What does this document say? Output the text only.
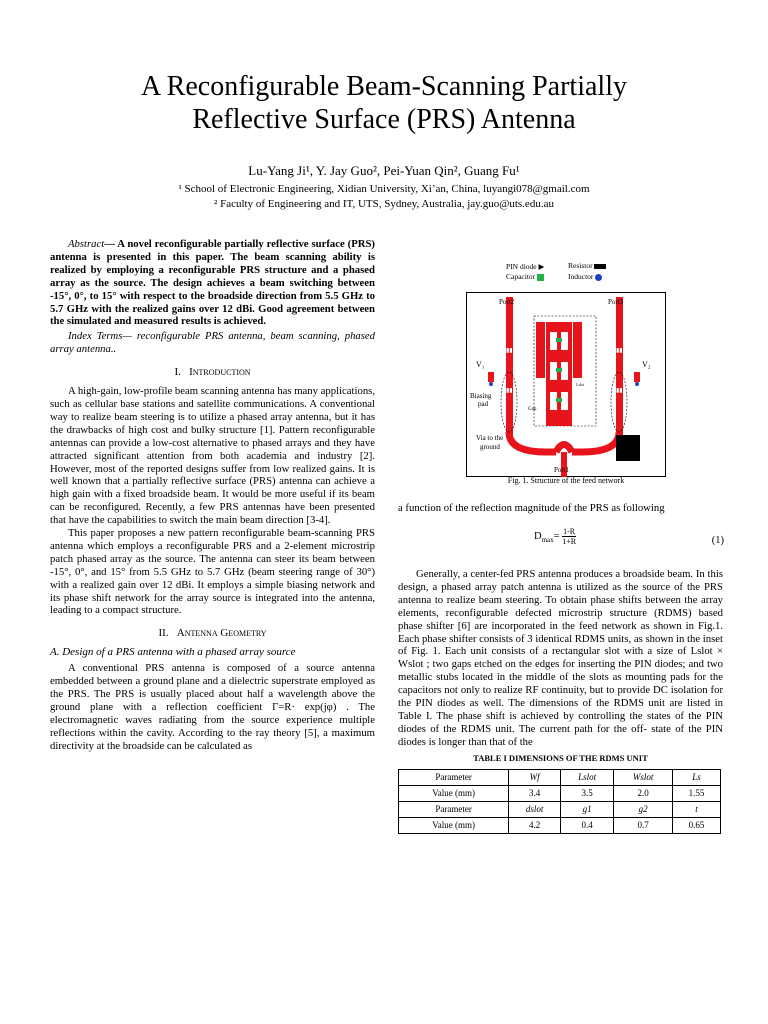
A Reconfigurable Beam-Scanning Partially
Reflective Surface (PRS) Antenna
Lu-Yang Ji¹, Y. Jay Guo², Pei-Yuan Qin², Guang Fu¹
¹ School of Electronic Engineering, Xidian University, Xi’an, China, luyangi078@gmail.com
² Faculty of Engineering and IT, UTS, Sydney, Australia, jay.guo@uts.edu.au

Abstract— A novel reconfigurable partially reflective surface (PRS) antenna is presented in this paper. The beam scanning ability is realized by employing a reconfigurable PRS structure and a phased array as the source. The design achieves a beam switching between -15°, 0°, to 15° with respect to the broadside direction from 5.5 GHz to 5.7 GHz with the realized gains over 12 dBi. Good agreement between the simulated and measured results is achieved.

Index Terms— reconfigurable PRS antenna, beam scanning, phased array antenna..

I. Introduction

A high-gain, low-profile beam scanning antenna has many applications, such as cellular base stations and satellite communications. A conventional way to realize beam steering is to utilize a phased array antenna, but it has the drawbacks of high cost and bulky structure [1]. Pattern reconfigurable antennas can provide a low-cost alternative to phased arrays and they have attracted significant attention from both academia and industry [2]. However, most of the reported designs suffer from low realized gains. It is well known that a partially reflective surface (PRS) antenna can achieve a high gain with a fixed broadside beam. It would be more useful if its beam can be reconfigured. Recently, a few PRS antennas have been presented that have the capabilities to switch the main beam direction [3-4].

This paper proposes a new pattern reconfigurable beam-scanning PRS antenna which employs a reconfigurable PRS and a 2-element microstrip patch phased array as the source. The antenna can steer its beam between -15°, 0°, and 15° from 5.5 GHz to 5.7 GHz (beam steering range of 30°) with a realized gain over 12 dBi. It employs a simple biasing network and its phase shift network for the array source is integrated into the antenna, leading to a compact structure.

II. Antenna Geometry

A. Design of a PRS antenna with a phased array source

A conventional PRS antenna is composed of a source antenna embedded between a ground plane and a dielectric superstrate employed as the PRS. The PRS is usually placed about half a wavelength above the ground plane with a reflection coefficient Γ=R· exp(jφ) . The electromagnetic waves radiating from the source experience multiple reflections within the cavity. According to the ray theory [5], a maximum directivity at the broadside can be calculated as

PIN diode ▶
Capacitor
Resistor
Inductor
▮▮
▮▮
▮▮
▮▮
Port2	Port3
Port1
V₁	V₂
Biasing
pad
Via to the
ground
Gap
Lslot
Fig. 1. Structure of the feed network
a function of the reflection magnitude of the PRS as following
$D_{max}= \frac{1-R}{1+R}$	(1)

Generally, a center-fed PRS antenna produces a broadside beam. In this design, a phased array patch antenna is utilized as the source of the PRS antenna to realize beam steering. To obtain phase shifts between the array elements, reconfigurable defected microstrip structure (RDMS) based phase shifter [6] are incorporated in the feed network as shown in Fig.1. Each phase shifter consists of 3 identical RDMS units, as shown in the inset of Fig. 1. Each unit consists of a rectangular slot with a size of Lslot × Wslot ; two gaps etched on the edges for inserting the PIN diodes; and two metallic stubs located in the middle of the slots as mounting pads for the capacitors not only to realize RF continuity, but to provide DC isolation for the PIN diodes as well. The dimensions of the RDMS unit are listed in Table I. The phase shift is achieved by controlling the states of the PIN diodes of the RDMS unit. The current path for the off- state of the PIN diodes is longer than that of the

TABLE I DIMENSIONS OF THE RDMS UNIT

Parameter	Wf	Lslot	Wslot	Ls
Value (mm)	3.4	3.5	2.0	1.55
Parameter	dslot	g1	g2	t
Value (mm)	4.2	0.4	0.7	0.65
